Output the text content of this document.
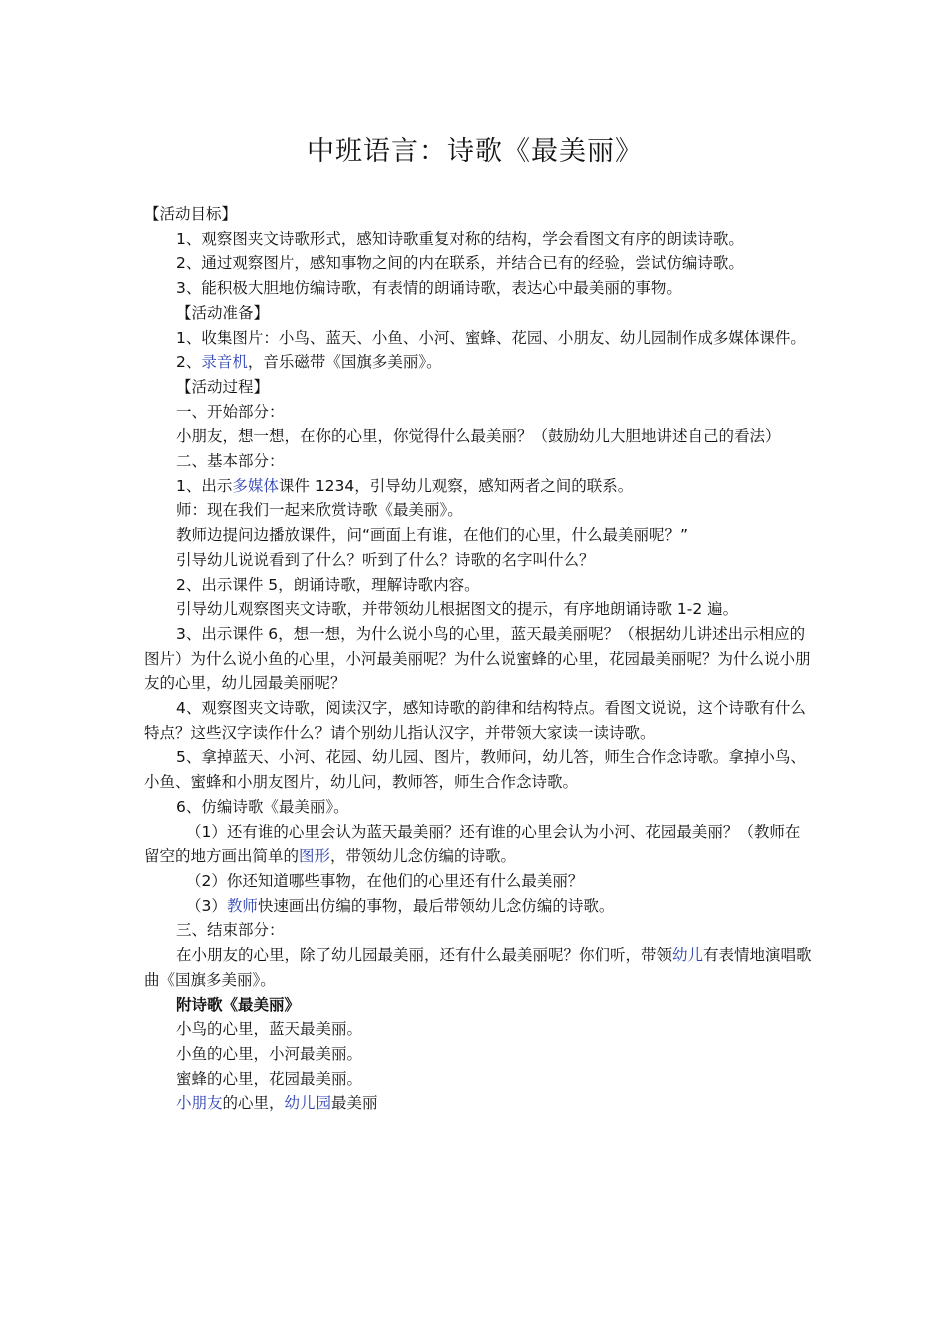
中班语言：诗歌《最美丽》

【活动目标】

1、观察图夹文诗歌形式，感知诗歌重复对称的结构，学会看图文有序的朗读诗歌。

2、通过观察图片，感知事物之间的内在联系，并结合已有的经验，尝试仿编诗歌。

3、能积极大胆地仿编诗歌，有表情的朗诵诗歌，表达心中最美丽的事物。

【活动准备】

1、收集图片：小鸟、蓝天、小鱼、小河、蜜蜂、花园、小朋友、幼儿园制作成多媒体课件。

2、录音机，音乐磁带《国旗多美丽》。

【活动过程】

一、开始部分：

小朋友，想一想，在你的心里，你觉得什么最美丽？（鼓励幼儿大胆地讲述自己的看法）

二、基本部分：

1、出示多媒体课件 1234，引导幼儿观察，感知两者之间的联系。

师：现在我们一起来欣赏诗歌《最美丽》。

教师边提问边播放课件，问“画面上有谁，在他们的心里，什么最美丽呢？”

引导幼儿说说看到了什么？听到了什么？诗歌的名字叫什么？

2、出示课件 5，朗诵诗歌，理解诗歌内容。

引导幼儿观察图夹文诗歌，并带领幼儿根据图文的提示，有序地朗诵诗歌 1-2 遍。

3、出示课件 6，想一想，为什么说小鸟的心里，蓝天最美丽呢？（根据幼儿讲述出示相应的图片）为什么说小鱼的心里，小河最美丽呢？为什么说蜜蜂的心里，花园最美丽呢？为什么说小朋友的心里，幼儿园最美丽呢？

4、观察图夹文诗歌，阅读汉字，感知诗歌的韵律和结构特点。看图文说说，这个诗歌有什么特点？这些汉字读作什么？请个别幼儿指认汉字，并带领大家读一读诗歌。

5、拿掉蓝天、小河、花园、幼儿园、图片，教师问，幼儿答，师生合作念诗歌。拿掉小鸟、小鱼、蜜蜂和小朋友图片，幼儿问，教师答，师生合作念诗歌。

6、仿编诗歌《最美丽》。

（1）还有谁的心里会认为蓝天最美丽？还有谁的心里会认为小河、花园最美丽？（教师在留空的地方画出简单的图形，带领幼儿念仿编的诗歌。

（2）你还知道哪些事物，在他们的心里还有什么最美丽？

（3）教师快速画出仿编的事物，最后带领幼儿念仿编的诗歌。

三、结束部分：

在小朋友的心里，除了幼儿园最美丽，还有什么最美丽呢？你们听，带领幼儿有表情地演唱歌曲《国旗多美丽》。

附诗歌《最美丽》

小鸟的心里，蓝天最美丽。

小鱼的心里，小河最美丽。

蜜蜂的心里，花园最美丽。

小朋友的心里，幼儿园最美丽
